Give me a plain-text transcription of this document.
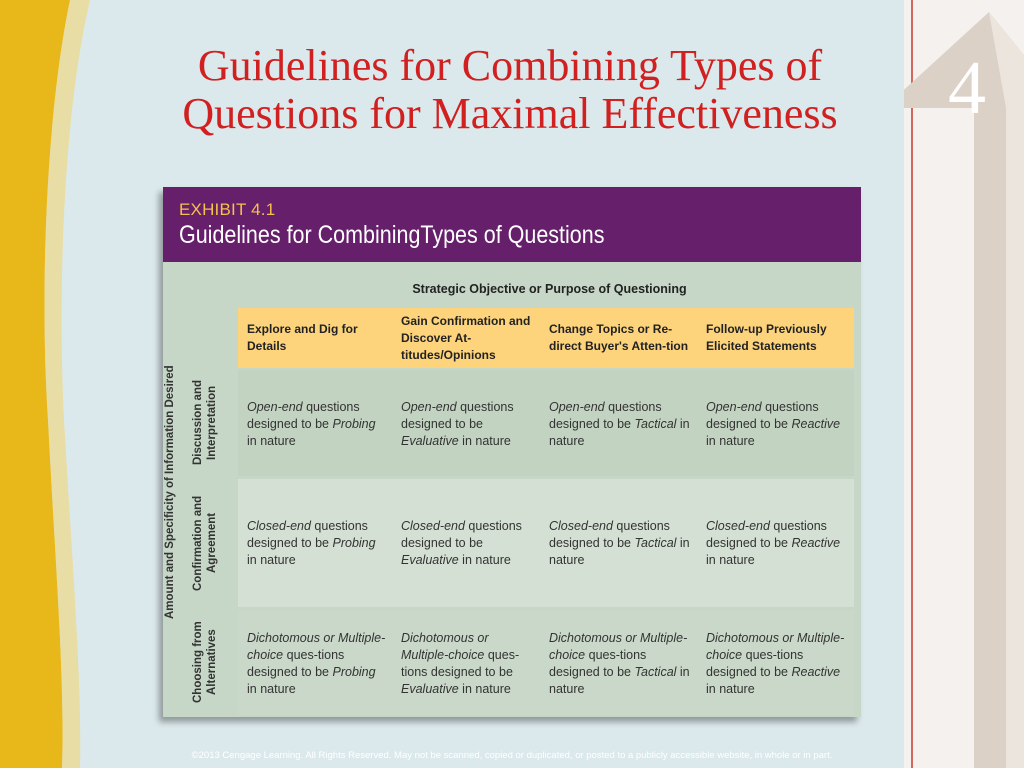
4
Guidelines for Combining Types of
Questions for Maximal Effectiveness
EXHIBIT 4.1
Guidelines for CombiningTypes of Questions
Amount and Specificity of Information Desired
Strategic Objective or Purpose of Questioning
Explore and Dig for Details
Gain Confirmation and Discover At-titudes/Opinions
Change Topics or Re-direct Buyer's Atten-tion
Follow-up Previously Elicited Statements
Discussion and Interpretation
Confirmation and Agreement
Choosing from Alternatives
Open-end questions designed to be Probing in nature
Open-end questions designed to be Evaluative in nature
Open-end questions designed to be Tactical in nature
Open-end questions designed to be Reactive in nature
Closed-end questions designed to be Probing in nature
Closed-end questions designed to be Evaluative in nature
Closed-end questions designed to be Tactical in nature
Closed-end questions designed to be Reactive in nature
Dichotomous or Multiple-choice ques-tions designed to be Probing in nature
Dichotomous or Multiple-choice ques-tions designed to be Evaluative in nature
Dichotomous or Multiple-choice ques-tions designed to be Tactical in nature
Dichotomous or Multiple-choice ques-tions designed to be Reactive in nature
©2013 Cengage Learning. All Rights Reserved. May not be scanned, copied or duplicated, or posted to a publicly accessible website, in whole or in part.
